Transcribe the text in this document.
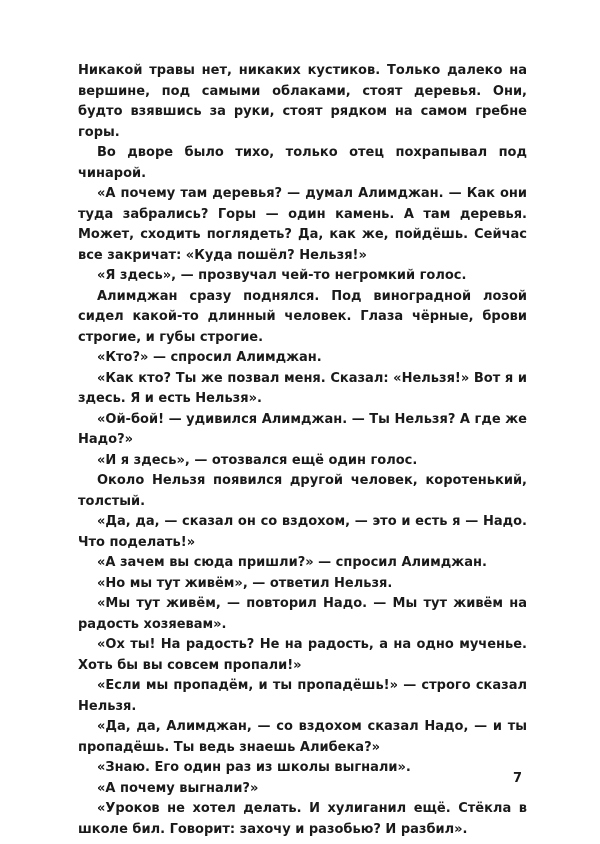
Никакой травы нет, никаких кустиков. Только далеко на вершине, под самыми облаками, стоят деревья. Они, будто взявшись за руки, стоят рядком на самом гребне горы.

Во дворе было тихо, только отец похрапывал под чинарой.

«А почему там деревья? — думал Алимджан. — Как они туда забрались? Горы — один камень. А там деревья. Может, сходить поглядеть? Да, как же, пойдёшь. Сейчас все закричат: «Куда пошёл? Нельзя!»

«Я здесь», — прозвучал чей-то негромкий голос.

Алимджан сразу поднялся. Под виноградной лозой сидел какой-то длинный человек. Глаза чёрные, брови строгие, и губы строгие.

«Кто?» — спросил Алимджан.

«Как кто? Ты же позвал меня. Сказал: «Нельзя!» Вот я и здесь. Я и есть Нельзя».

«Ой-бой! — удивился Алимджан. — Ты Нельзя? А где же Надо?»

«И я здесь», — отозвался ещё один голос.

Около Нельзя появился другой человек, коротенький, толстый.

«Да, да, — сказал он со вздохом, — это и есть я — Надо. Что поделать!»

«А зачем вы сюда пришли?» — спросил Алимджан.

«Но мы тут живём», — ответил Нельзя.

«Мы тут живём, — повторил Надо. — Мы тут живём на радость хозяевам».

«Ох ты! На радость? Не на радость, а на одно мученье. Хоть бы вы совсем пропали!»

«Если мы пропадём, и ты пропадёшь!» — строго сказал Нельзя.

«Да, да, Алимджан, — со вздохом сказал Надо, — и ты пропадёшь. Ты ведь знаешь Алибека?»

«Знаю. Его один раз из школы выгнали».

«А почему выгнали?»

«Уроков не хотел делать. И хулиганил ещё. Стёкла в школе бил. Говорит: захочу и разобью? И разбил».

7
